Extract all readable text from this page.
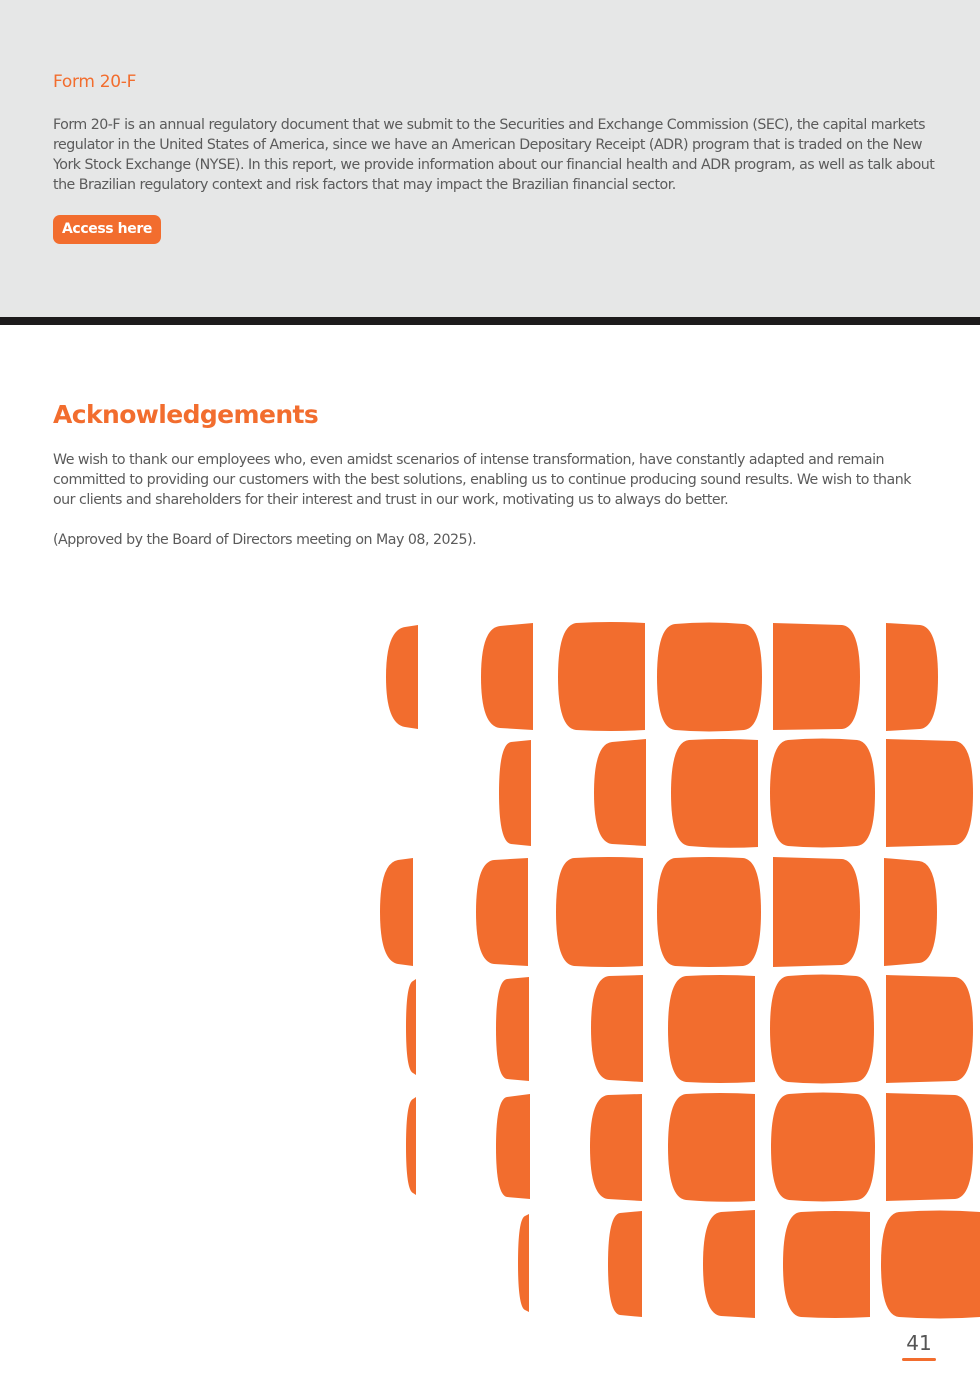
Form 20-F

Form 20-F is an annual regulatory document that we submit to the Securities and Exchange Commission (SEC), the capital markets regulator in the United States of America, since we have an American Depositary Receipt (ADR) program that is traded on the New York Stock Exchange (NYSE). In this report, we provide information about our financial health and ADR program, as well as talk about the Brazilian regulatory context and risk factors that may impact the Brazilian financial sector.

Access here
Acknowledgements

We wish to thank our employees who, even amidst scenarios of intense transformation, have constantly adapted and remain committed to providing our customers with the best solutions, enabling us to continue producing sound results. We wish to thank our clients and shareholders for their interest and trust in our work, motivating us to always do better.

(Approved by the Board of Directors meeting on May 08, 2025).

41
